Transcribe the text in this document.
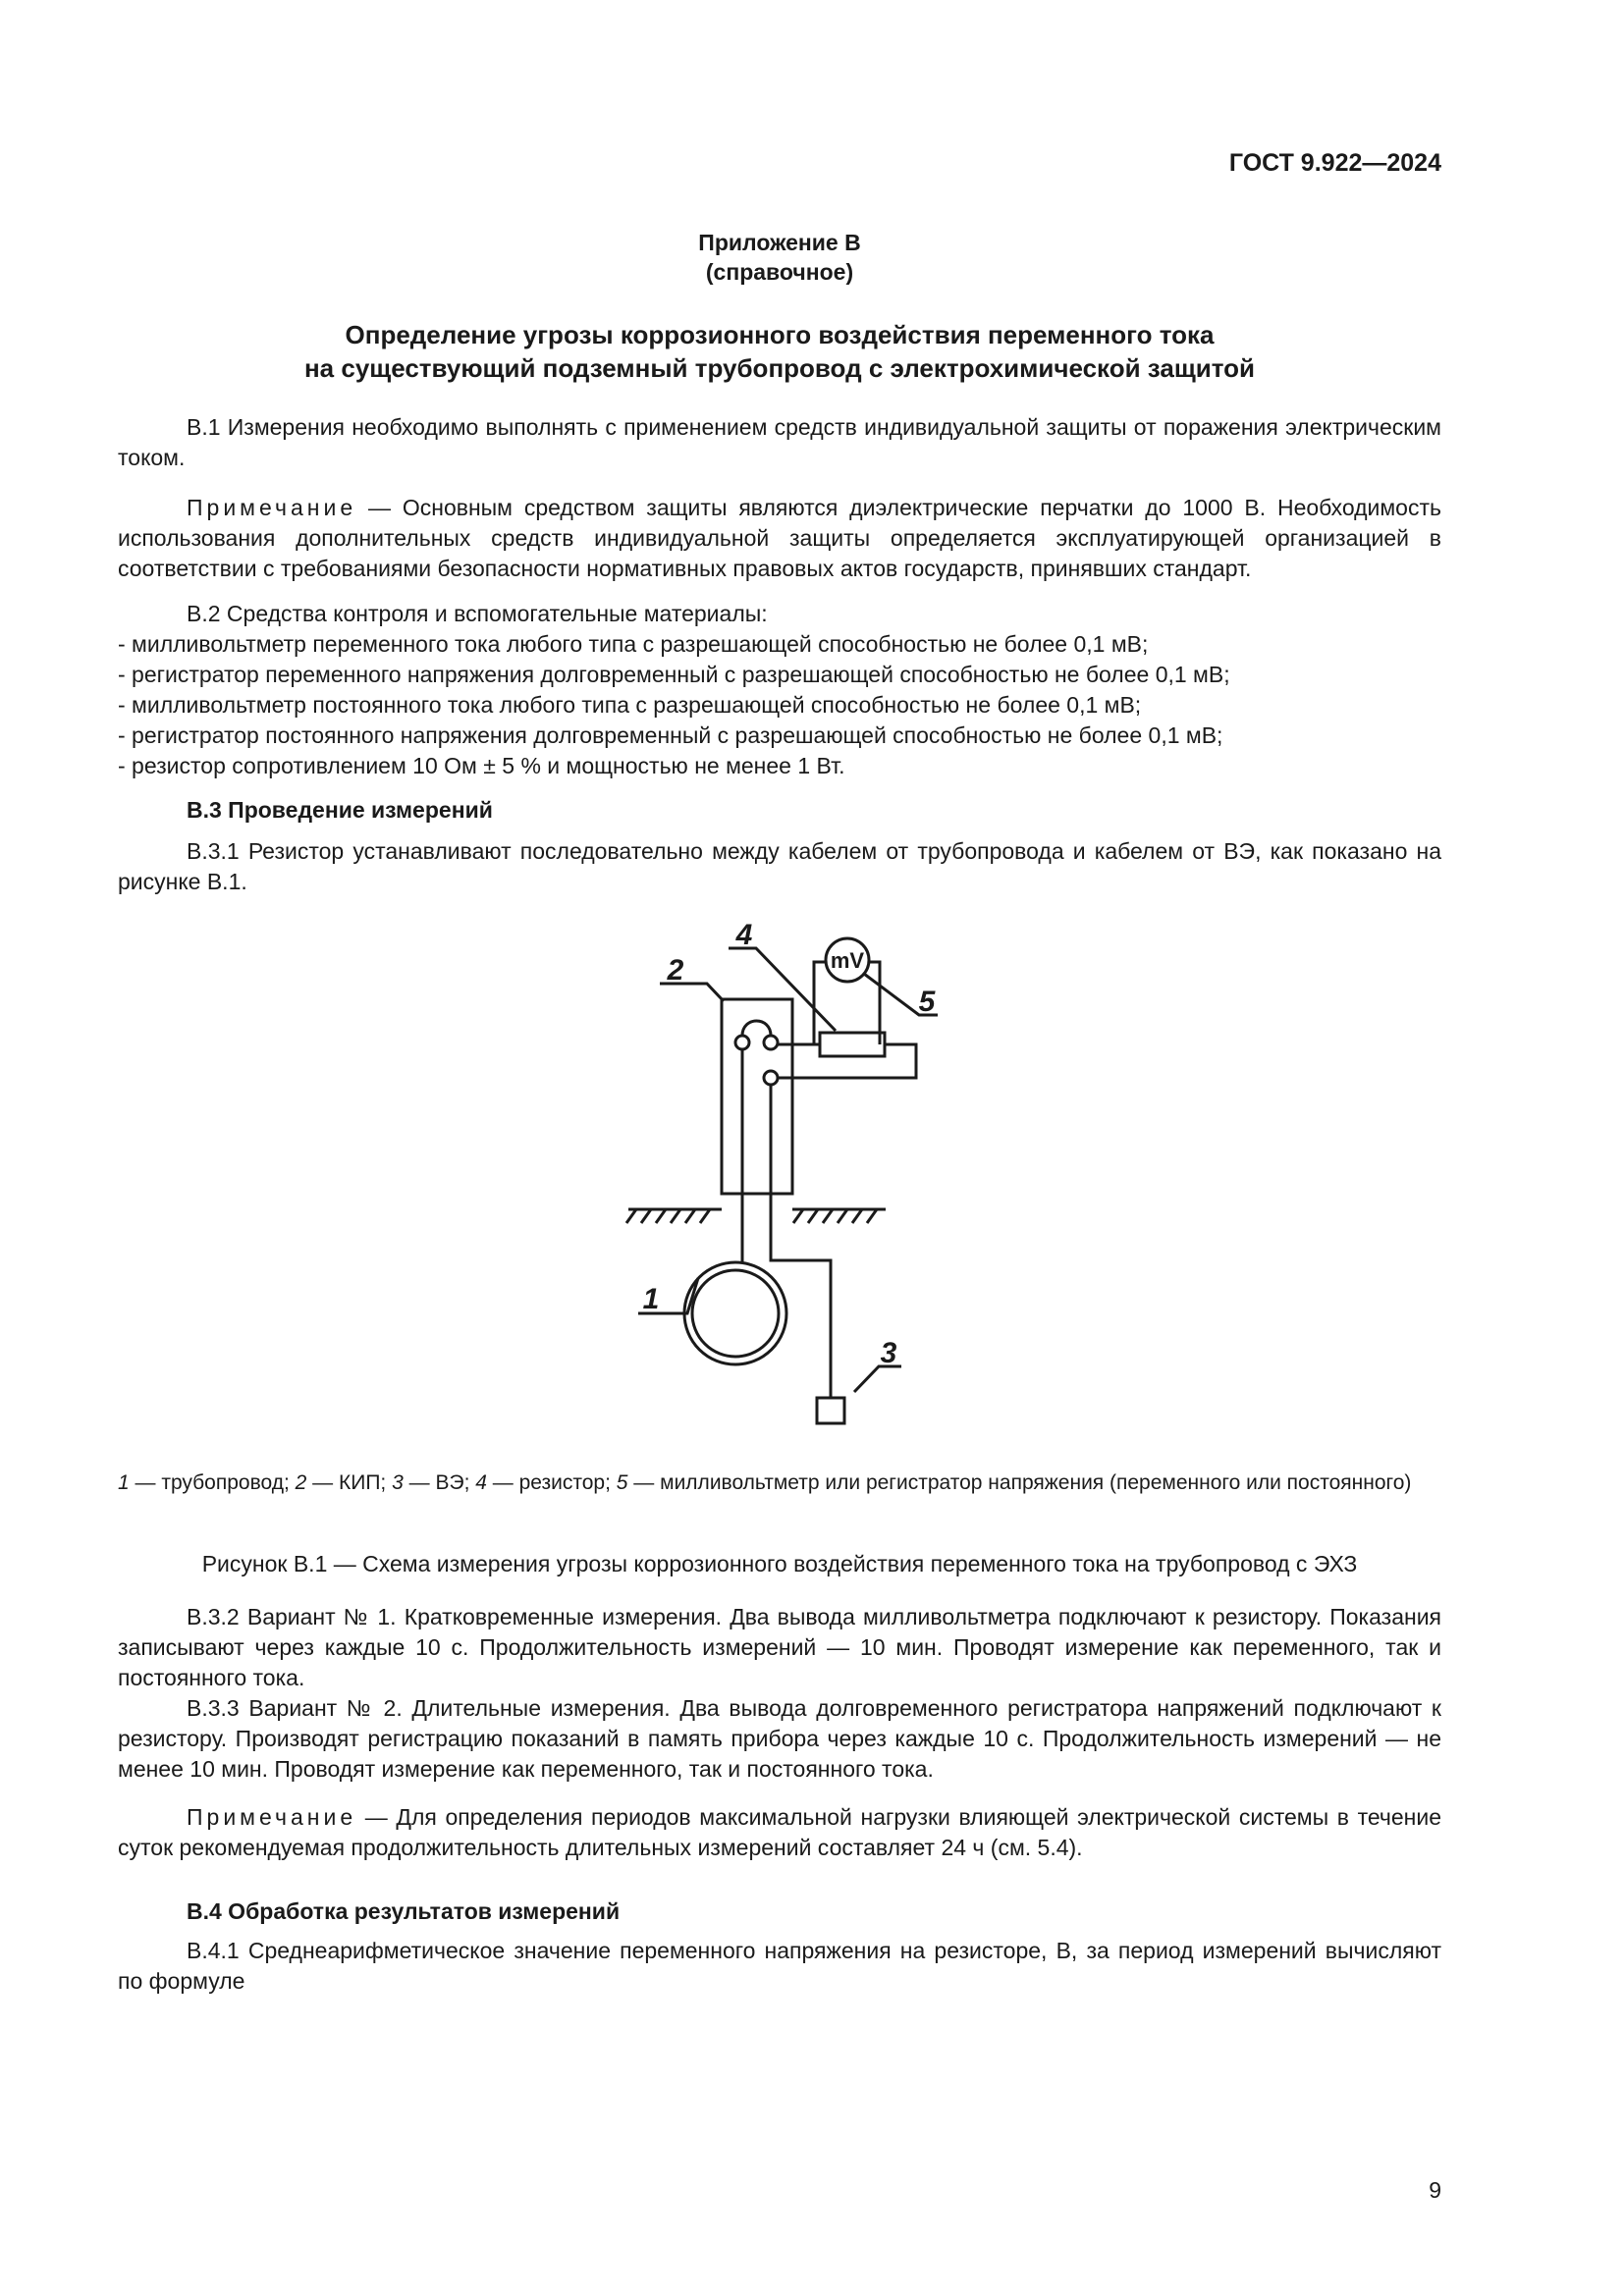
ГОСТ 9.922—2024
Приложение В
(справочное)
Определение угрозы коррозионного воздействия переменного тока
на существующий подземный трубопровод с электрохимической защитой

В.1 Измерения необходимо выполнять с применением средств индивидуальной защиты от поражения электрическим током.

Примечание — Основным средством защиты являются диэлектрические перчатки до 1000 В. Необходимость использования дополнительных средств индивидуальной защиты определяется эксплуатирующей организацией в соответствии с требованиями безопасности нормативных правовых актов государств, принявших стандарт.

В.2 Средства контроля и вспомогательные материалы:

- милливольтметр переменного тока любого типа с разрешающей способностью не более 0,1 мВ;
- регистратор переменного напряжения долговременный с разрешающей способностью не более 0,1 мВ;
- милливольтметр постоянного тока любого типа с разрешающей способностью не более 0,1 мВ;
- регистратор постоянного напряжения долговременный с разрешающей способностью не более 0,1 мВ;
- резистор сопротивлением 10 Ом ± 5 % и мощностью не менее 1 Вт.

В.3 Проведение измерений

В.3.1 Резистор устанавливают последовательно между кабелем от трубопровода и кабелем от ВЭ, как показано на рисунке В.1.

mV
2
4
5
1
3
1 — трубопровод; 2 — КИП; 3 — ВЭ; 4 — резистор; 5 — милливольтметр или регистратор напряжения (переменного или постоянного)
Рисунок В.1 — Схема измерения угрозы коррозионного воздействия переменного тока на трубопровод с ЭХЗ

В.3.2 Вариант № 1. Кратковременные измерения. Два вывода милливольтметра подключают к резистору. Показания записывают через каждые 10 с. Продолжительность измерений — 10 мин. Проводят измерение как переменного, так и постоянного тока.

В.3.3 Вариант № 2. Длительные измерения. Два вывода долговременного регистратора напряжений подключают к резистору. Производят регистрацию показаний в память прибора через каждые 10 с. Продолжительность измерений — не менее 10 мин. Проводят измерение как переменного, так и постоянного тока.

Примечание — Для определения периодов максимальной нагрузки влияющей электрической системы в течение суток рекомендуемая продолжительность длительных измерений составляет 24 ч (см. 5.4).

В.4 Обработка результатов измерений

В.4.1 Среднеарифметическое значение переменного напряжения на резисторе, В, за период измерений вычисляют по формуле

9
